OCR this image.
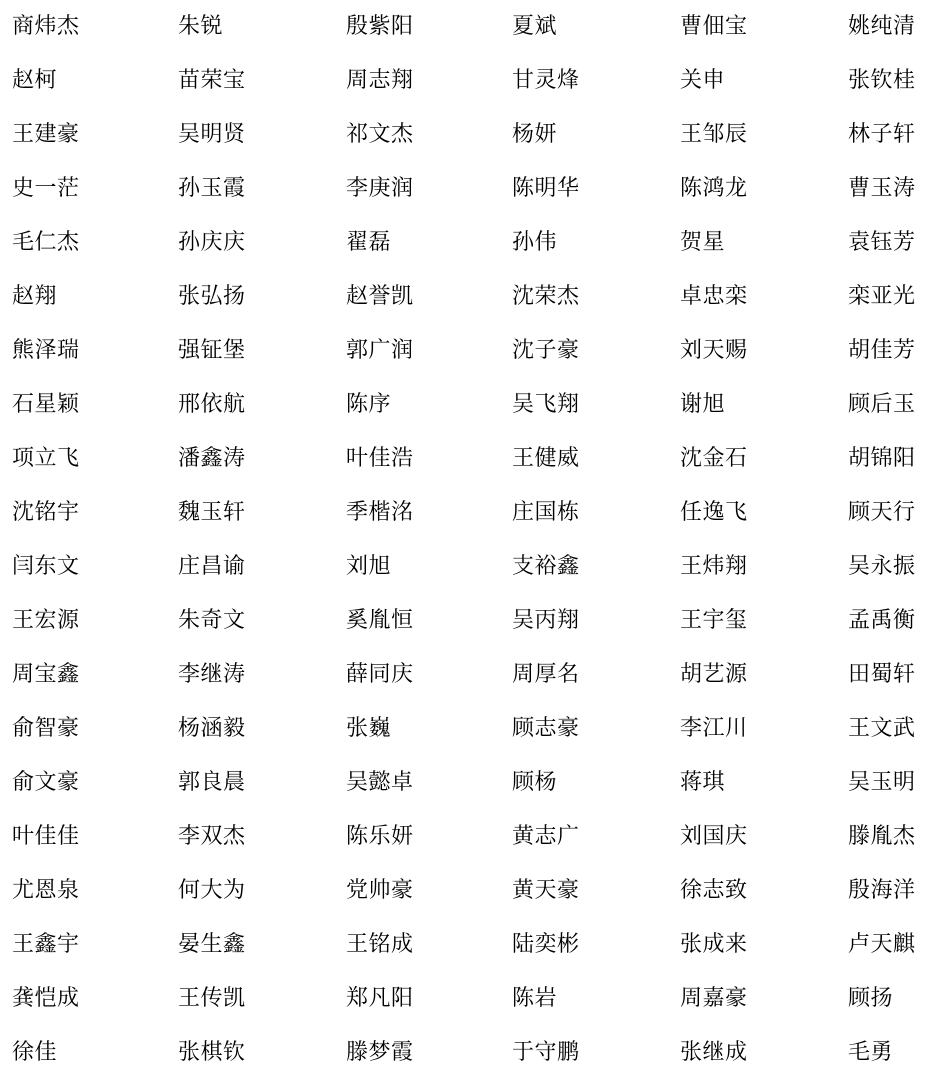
商炜杰	朱锐	殷紫阳	夏斌	曹佃宝	姚纯清
赵柯	苗荣宝	周志翔	甘灵烽	关申	张钦桂
王建豪	吴明贤	祁文杰	杨妍	王邹辰	林子轩
史一茫	孙玉霞	李庚润	陈明华	陈鸿龙	曹玉涛
毛仁杰	孙庆庆	翟磊	孙伟	贺星	袁钰芳
赵翔	张弘扬	赵誉凯	沈荣杰	卓忠栾	栾亚光
熊泽瑞	强钲堡	郭广润	沈子豪	刘天赐	胡佳芳
石星颖	邢依航	陈序	吴飞翔	谢旭	顾后玉
项立飞	潘鑫涛	叶佳浩	王健威	沈金石	胡锦阳
沈铭宇	魏玉轩	季楷洺	庄国栋	任逸飞	顾天行
闫东文	庄昌谕	刘旭	支裕鑫	王炜翔	吴永振
王宏源	朱奇文	奚胤恒	吴丙翔	王宇玺	孟禹衡
周宝鑫	李继涛	薛同庆	周厚名	胡艺源	田蜀轩
俞智豪	杨涵毅	张巍	顾志豪	李江川	王文武
俞文豪	郭良晨	吴懿卓	顾杨	蒋琪	吴玉明
叶佳佳	李双杰	陈乐妍	黄志广	刘国庆	滕胤杰
尤恩泉	何大为	党帅豪	黄天豪	徐志致	殷海洋
王鑫宇	晏生鑫	王铭成	陆奕彬	张成来	卢天麒
龚恺成	王传凯	郑凡阳	陈岩	周嘉豪	顾扬
徐佳	张棋钦	滕梦霞	于守鹏	张继成	毛勇
